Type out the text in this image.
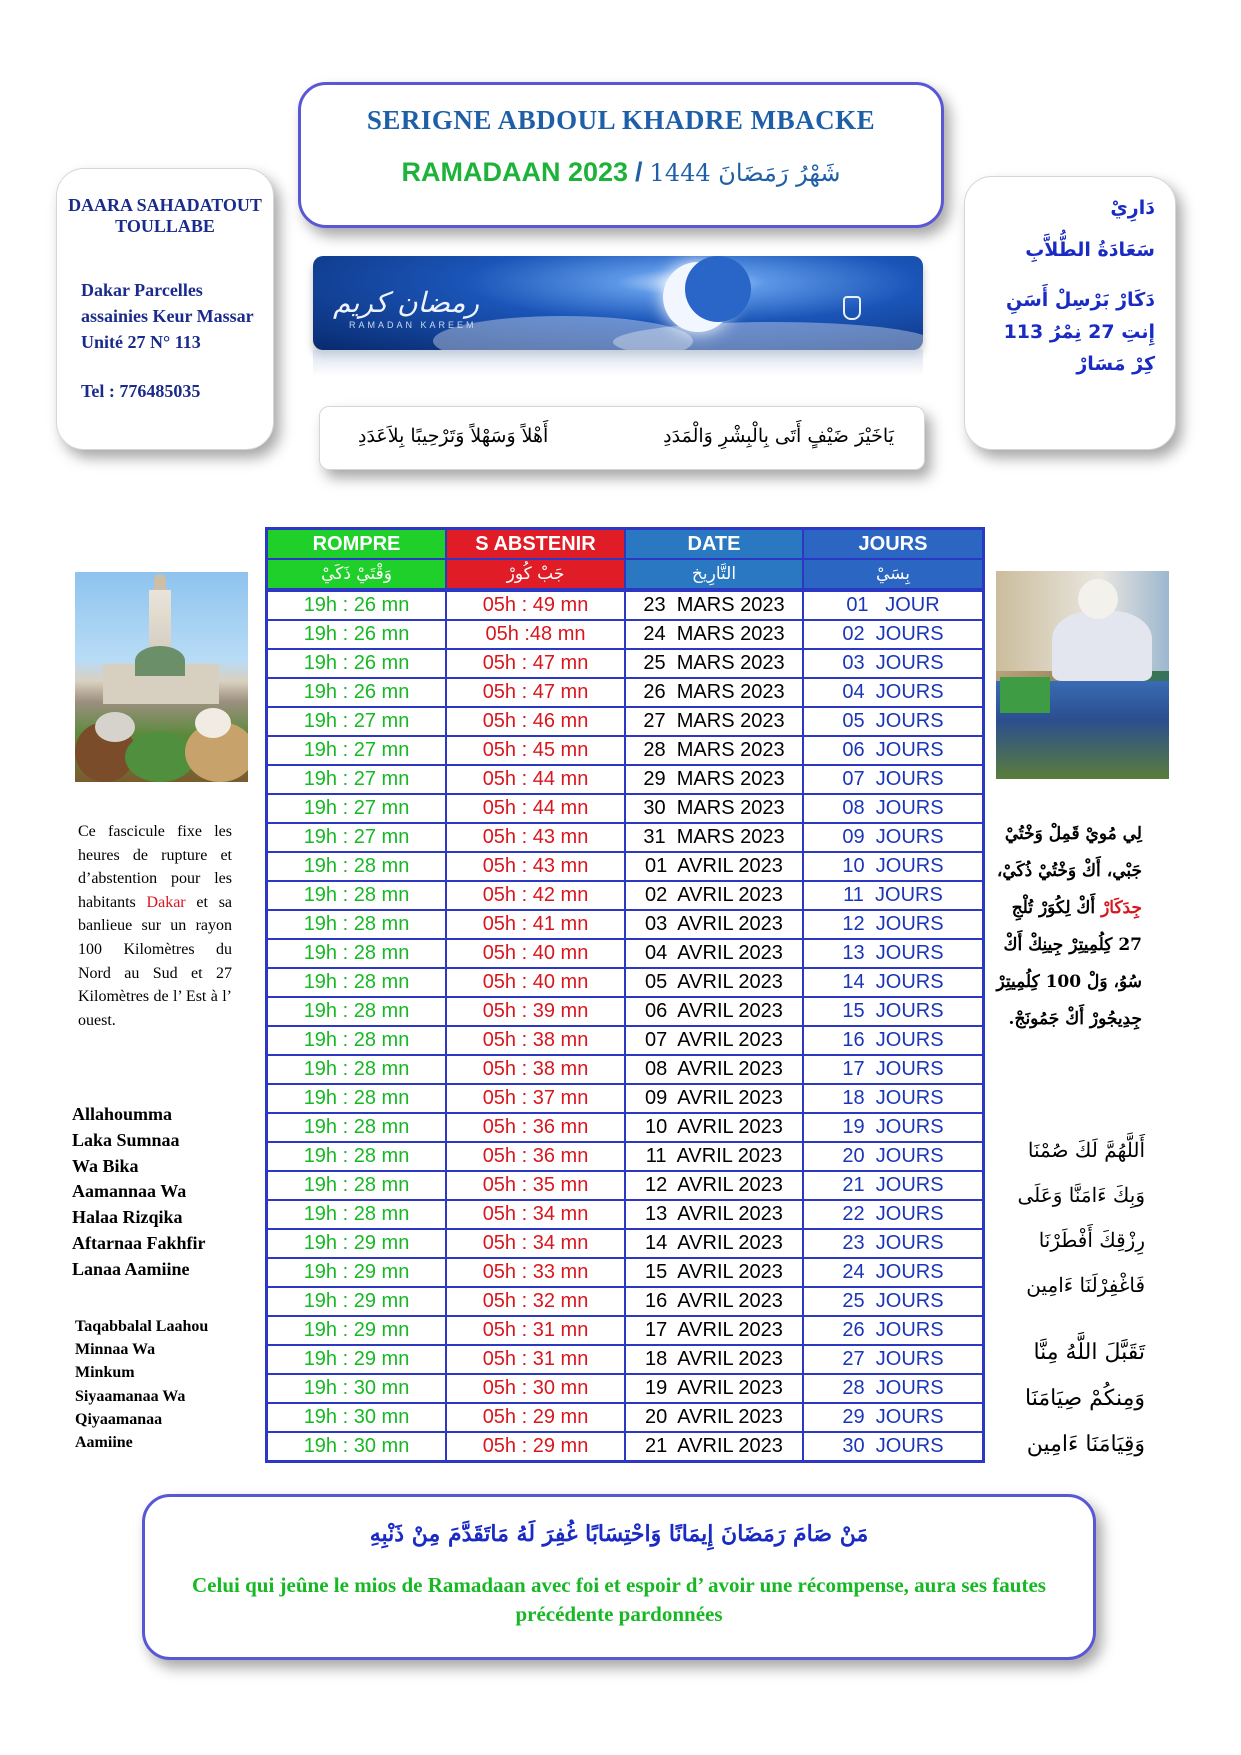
SERIGNE ABDOUL KHADRE MBACKE
RAMADAAN 2023 / شَهْرُ رَمَضَانَ 1444
DAARA SAHADATOUT TOULLABE
Dakar Parcelles assainies Keur Massar Unité 27 N° 113
Tel : 776485035
دَارِيْ
سَعَادَةُ الطُّلاَّبِ
دَكَارْ بَرْسِلْ أَسَنِ
إِنتِ 27 نِمْرُ 113
كِرْ مَسَارْ
رمضان كريم
RAMADAN KAREEM
يَاخَيْرَ ضَيْفٍ أَتَى بِالْبِشْرِ وَالْمَدَدِ
أَهْلاً وَسَهْلاً وَتَرْحِيبًا بِلاَعَدَدِ
ROMPRE	S ABSTENIR	DATE	JOURS
وَقْتَيْ ذَكَيْ	جَبْ كُورْ	التَّارِيخ	بِسَيْ
19h : 26 mn	05h : 49 mn	23  MARS 2023	01   JOUR
19h : 26 mn	05h :48 mn	24  MARS 2023	02  JOURS
19h : 26 mn	05h : 47 mn	25  MARS 2023	03  JOURS
19h : 26 mn	05h : 47 mn	26  MARS 2023	04  JOURS
19h : 27 mn	05h : 46 mn	27  MARS 2023	05  JOURS
19h : 27 mn	05h : 45 mn	28  MARS 2023	06  JOURS
19h : 27 mn	05h : 44 mn	29  MARS 2023	07  JOURS
19h : 27 mn	05h : 44 mn	30  MARS 2023	08  JOURS
19h : 27 mn	05h : 43 mn	31  MARS 2023	09  JOURS
19h : 28 mn	05h : 43 mn	01  AVRIL 2023	10  JOURS
19h : 28 mn	05h : 42 mn	02  AVRIL 2023	11  JOURS
19h : 28 mn	05h : 41 mn	03  AVRIL 2023	12  JOURS
19h : 28 mn	05h : 40 mn	04  AVRIL 2023	13  JOURS
19h : 28 mn	05h : 40 mn	05  AVRIL 2023	14  JOURS
19h : 28 mn	05h : 39 mn	06  AVRIL 2023	15  JOURS
19h : 28 mn	05h : 38 mn	07  AVRIL 2023	16  JOURS
19h : 28 mn	05h : 38 mn	08  AVRIL 2023	17  JOURS
19h : 28 mn	05h : 37 mn	09  AVRIL 2023	18  JOURS
19h : 28 mn	05h : 36 mn	10  AVRIL 2023	19  JOURS
19h : 28 mn	05h : 36 mn	11  AVRIL 2023	20  JOURS
19h : 28 mn	05h : 35 mn	12  AVRIL 2023	21  JOURS
19h : 28 mn	05h : 34 mn	13  AVRIL 2023	22  JOURS
19h : 29 mn	05h : 34 mn	14  AVRIL 2023	23  JOURS
19h : 29 mn	05h : 33 mn	15  AVRIL 2023	24  JOURS
19h : 29 mn	05h : 32 mn	16  AVRIL 2023	25  JOURS
19h : 29 mn	05h : 31 mn	17  AVRIL 2023	26  JOURS
19h : 29 mn	05h : 31 mn	18  AVRIL 2023	27  JOURS
19h : 30 mn	05h : 30 mn	19  AVRIL 2023	28  JOURS
19h : 30 mn	05h : 29 mn	20  AVRIL 2023	29  JOURS
19h : 30 mn	05h : 29 mn	21  AVRIL 2023	30  JOURS
Ce fascicule fixe les heures de rupture et d’abstention pour les habitants Dakar et sa banlieue sur un rayon 100 Kilomètres du Nord au Sud et 27 Kilomètres de l’ Est à l’ ouest.
Allahoumma
Laka Sumnaa
Wa Bika
Aamannaa Wa
Halaa Rizqika
Aftarnaa Fakhfir
Lanaa Aamiine
Taqabbalal Laahou
Minnaa Wa
Minkum
Siyaamanaa Wa
Qiyaamanaa
Aamiine
لِي مُويْ قَمِلْ وَخْتُيْ جَبْي، أَكْ وَخْتُيْ ذُكَيْ، جِدَكَارْ أَكْ لِكُوَرْ تُلْجِ 27 كِلُمِيتِرْ جِينِكْ أَكْ سُوُ، وَلْ 100 كِلُمِيتِرْ جِدِيجُورْ أَكْ جَمُونَجْ.
أَللَّهُمَّ لَكَ صُمْنَا
وَبِكَ ءَامَنَّا وَعَلَى
رِزْقِكَ أَفْطَرْنَا
فَاغْفِرْلَنَا ءَامِين
تَقَبَّلَ اللَّهُ مِنَّا
وَمِنكُمْ صِيَامَنَا
وَقِيَامَنَا ءَامِين
مَنْ صَامَ رَمَضَانَ إِيمَانًا وَاحْتِسَابًا غُفِرَ لَهُ مَاتَقَدَّمَ مِنْ ذَنْبِهِ
Celui qui jeûne le mios de Ramadaan avec foi et espoir d’ avoir une récompense, aura ses fautes précédente pardonnées
